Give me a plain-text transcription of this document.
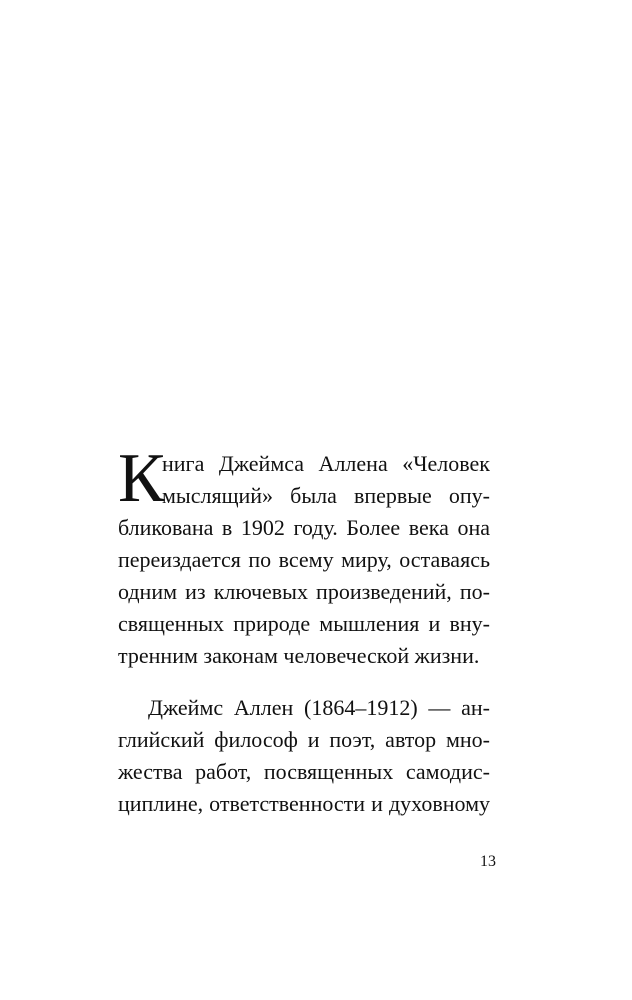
К
нига Джеймса Аллена «Человек
мыслящий» была впервые опу-
бликована в 1902 году. Более века она
переиздается по всему миру, оставаясь
одним из ключевых произведений, по-
священных природе мышления и вну-
тренним законам человеческой жизни.
Джеймс Аллен (1864–1912) — ан-
глийский философ и поэт, автор мно-
жества работ, посвященных самодис-
циплине, ответственности и духовному
13
